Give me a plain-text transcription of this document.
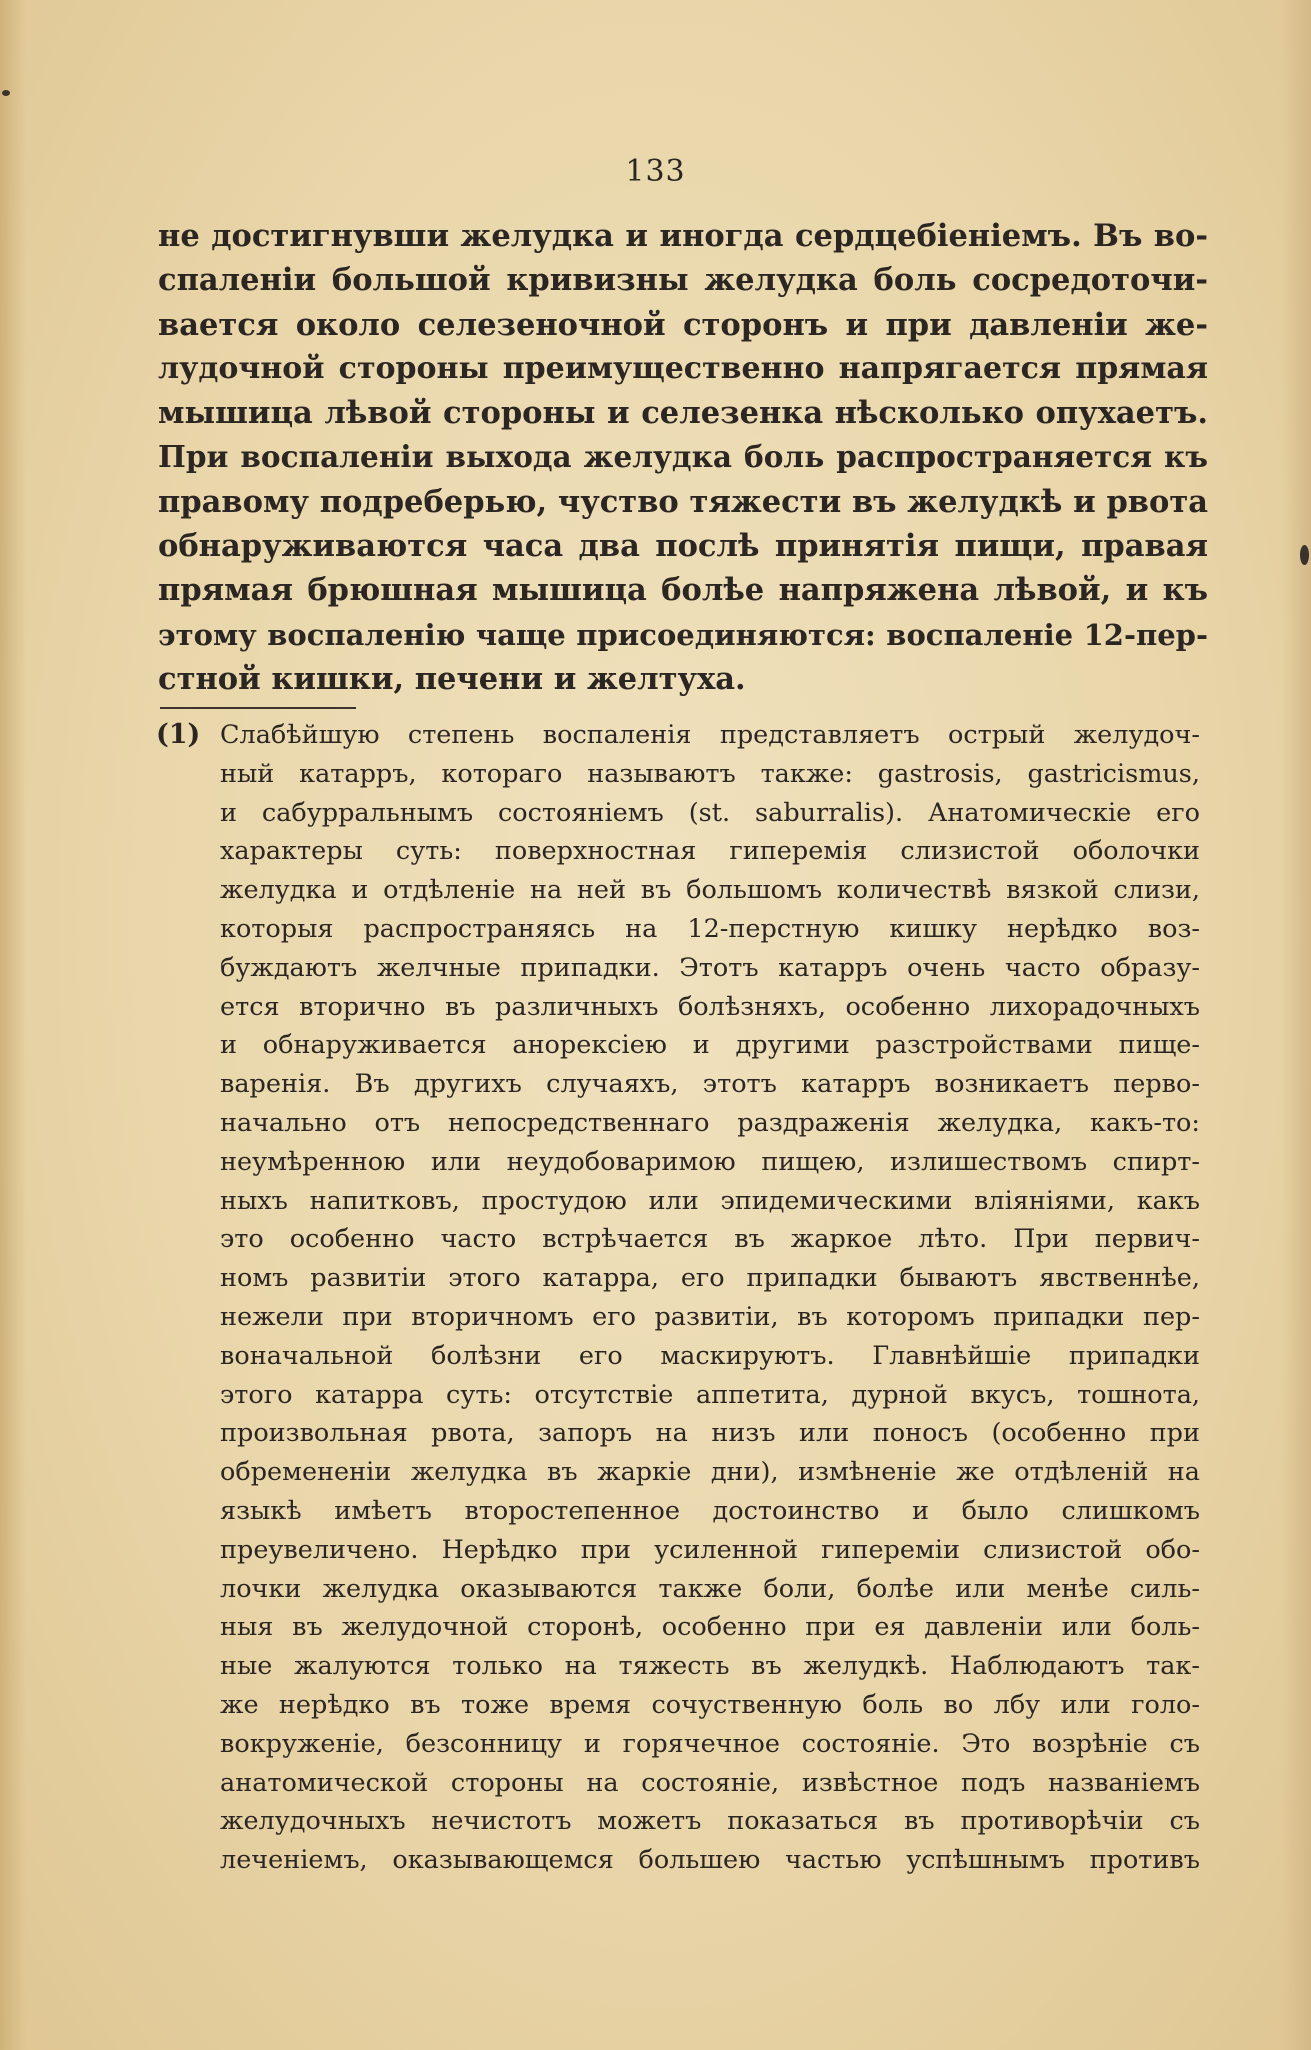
133
не достигнувши желудка и иногда сердцебіеніемъ. Въ во-
спаленіи большой кривизны желудка боль сосредоточи-
вается около селезеночной сторонъ и при давленіи же-
лудочной стороны преимущественно напрягается прямая
мышица лѣвой стороны и селезенка нѣсколько опухаетъ.
При воспаленіи выхода желудка боль распространяется къ
правому подреберью, чуство тяжести въ желудкѣ и рвота
обнаруживаются часа два послѣ принятія пищи, правая
прямая брюшная мышица болѣе напряжена лѣвой, и къ
этому воспаленію чаще присоединяются: воспаленіе 12-пер-
стной кишки, печени и желтуха.
(1) Слабѣйшую степень воспаленія представляетъ острый желудоч-
ный катарръ, котораго называютъ также: gastrosis, gastricismus,
и сабурральнымъ состояніемъ (st. saburralis). Анатомическіе его
характеры суть: поверхностная гиперемія слизистой оболочки
желудка и отдѣленіе на ней въ большомъ количествѣ вязкой слизи,
которыя распространяясь на 12-перстную кишку нерѣдко воз-
буждаютъ желчные припадки. Этотъ катарръ очень часто образу-
ется вторично въ различныхъ болѣзняхъ, особенно лихорадочныхъ
и обнаруживается анорексіею и другими разстройствами пище-
варенія. Въ другихъ случаяхъ, этотъ катарръ возникаетъ перво-
начально отъ непосредственнаго раздраженія желудка, какъ-то:
неумѣренною или неудобоваримою пищею, излишествомъ спирт-
ныхъ напитковъ, простудою или эпидемическими вліяніями, какъ
это особенно часто встрѣчается въ жаркое лѣто. При первич-
номъ развитіи этого катарра, его припадки бываютъ явственнѣе,
нежели при вторичномъ его развитіи, въ которомъ припадки пер-
воначальной болѣзни его маскируютъ. Главнѣйшіе припадки
этого катарра суть: отсутствіе аппетита, дурной вкусъ, тошнота,
произвольная рвота, запоръ на низъ или поносъ (особенно при
обремененіи желудка въ жаркіе дни), измѣненіе же отдѣленій на
языкѣ имѣетъ второстепенное достоинство и было слишкомъ
преувеличено. Нерѣдко при усиленной гипереміи слизистой обо-
лочки желудка оказываются также боли, болѣе или менѣе силь-
ныя въ желудочной сторонѣ, особенно при ея давленіи или боль-
ные жалуются только на тяжесть въ желудкѣ. Наблюдаютъ так-
же нерѣдко въ тоже время сочуственную боль во лбу или голо-
вокруженіе, безсонницу и горячечное состояніе. Это возрѣніе съ
анатомической стороны на состояніе, извѣстное подъ названіемъ
желудочныхъ нечистотъ можетъ показаться въ противорѣчіи съ
леченіемъ, оказывающемся большею частью успѣшнымъ противъ
